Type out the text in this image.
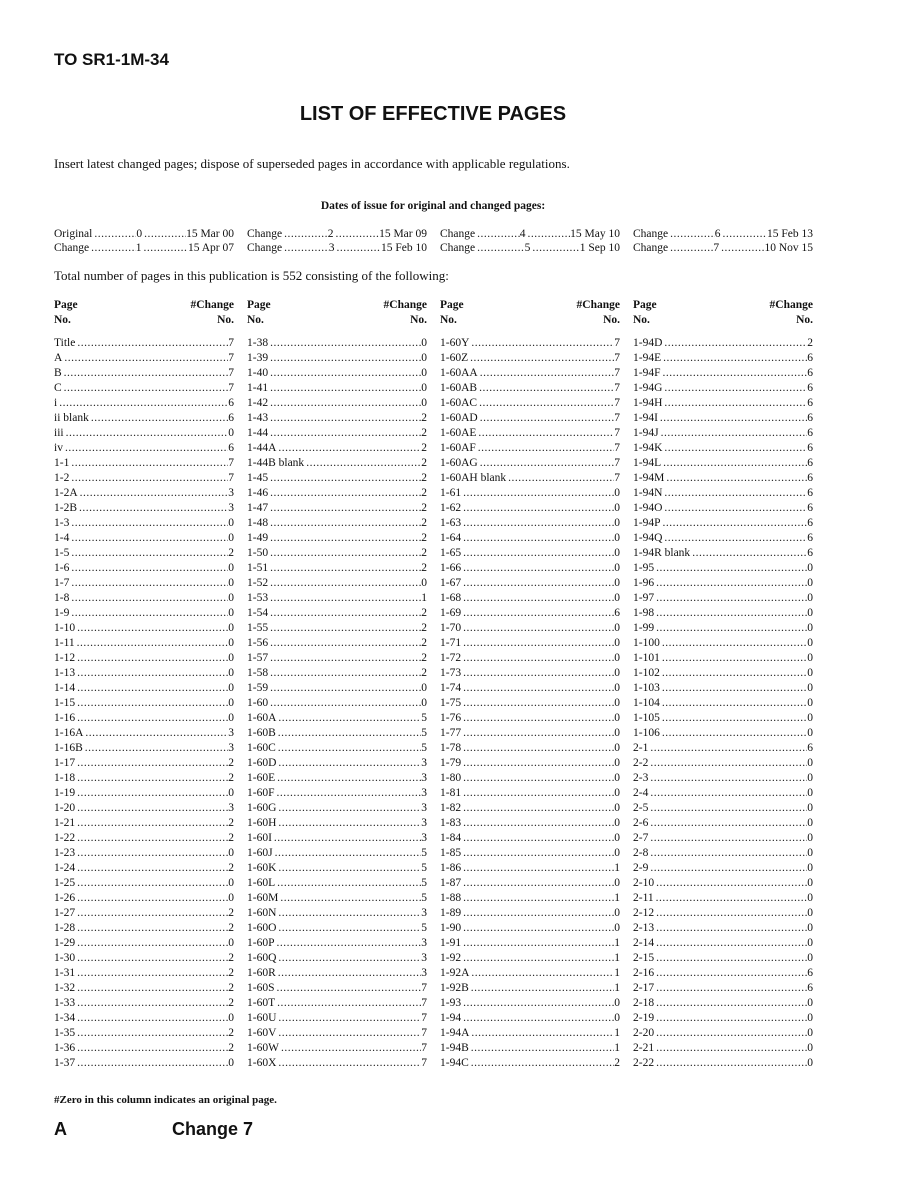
TO SR1-1M-34
LIST OF EFFECTIVE PAGES
Insert latest changed pages; dispose of superseded pages in accordance with applicable regulations.
Dates of issue for original and changed pages:
Original .....	0 .....	15 Mar 00 Change .....	2 .....	15 Mar 09 Change .....	4 .....	15 May 10 Change .....	6 .....	15 Feb 13
Change .....	1 .....	15 Apr 07 Change .....	3 .....	15 Feb 10 Change .....	5 .....	1 Sep 10 Change .....	7 .....	10 Nov 15
Total number of pages in this publication is 552 consisting of the following:
Page	#Change
No.	No.
Title .....	7
A .....	7
B .....	7
C .....	7
i .....	6
ii blank .....	6
iii .....	0
iv .....	6
1-1 .....	7
1-2 .....	7
1-2A .....	3
1-2B .....	3
1-3 .....	0
1-4 .....	0
1-5 .....	2
1-6 .....	0
1-7 .....	0
1-8 .....	0
1-9 .....	0
1-10 .....	0
1-11 .....	0
1-12 .....	0
1-13 .....	0
1-14 .....	0
1-15 .....	0
1-16 .....	0
1-16A .....	3
1-16B .....	3
1-17 .....	2
1-18 .....	2
1-19 .....	0
1-20 .....	3
1-21 .....	2
1-22 .....	2
1-23 .....	0
1-24 .....	2
1-25 .....	0
1-26 .....	0
1-27 .....	2
1-28 .....	2
1-29 .....	0
1-30 .....	2
1-31 .....	2
1-32 .....	2
1-33 .....	2
1-34 .....	0
1-35 .....	2
1-36 .....	2
1-37 .....	0
Page	#Change
No.	No.
1-38 .....	0
1-39 .....	0
1-40 .....	0
1-41 .....	0
1-42 .....	0
1-43 .....	2
1-44 .....	2
1-44A .....	2
1-44B blank .....	2
1-45 .....	2
1-46 .....	2
1-47 .....	2
1-48 .....	2
1-49 .....	2
1-50 .....	2
1-51 .....	2
1-52 .....	0
1-53 .....	1
1-54 .....	2
1-55 .....	2
1-56 .....	2
1-57 .....	2
1-58 .....	2
1-59 .....	0
1-60 .....	0
1-60A .....	5
1-60B .....	5
1-60C .....	5
1-60D .....	3
1-60E .....	3
1-60F .....	3
1-60G .....	3
1-60H .....	3
1-60I .....	3
1-60J .....	5
1-60K .....	5
1-60L .....	5
1-60M .....	5
1-60N .....	3
1-60O .....	5
1-60P .....	3
1-60Q .....	3
1-60R .....	3
1-60S .....	7
1-60T .....	7
1-60U .....	7
1-60V .....	7
1-60W .....	7
1-60X .....	7
Page	#Change
No.	No.
1-60Y .....	7
1-60Z .....	7
1-60AA .....	7
1-60AB .....	7
1-60AC .....	7
1-60AD .....	7
1-60AE .....	7
1-60AF .....	7
1-60AG .....	7
1-60AH blank .....	7
1-61 .....	0
1-62 .....	0
1-63 .....	0
1-64 .....	0
1-65 .....	0
1-66 .....	0
1-67 .....	0
1-68 .....	0
1-69 .....	6
1-70 .....	0
1-71 .....	0
1-72 .....	0
1-73 .....	0
1-74 .....	0
1-75 .....	0
1-76 .....	0
1-77 .....	0
1-78 .....	0
1-79 .....	0
1-80 .....	0
1-81 .....	0
1-82 .....	0
1-83 .....	0
1-84 .....	0
1-85 .....	0
1-86 .....	1
1-87 .....	0
1-88 .....	1
1-89 .....	0
1-90 .....	0
1-91 .....	1
1-92 .....	1
1-92A .....	1
1-92B .....	1
1-93 .....	0
1-94 .....	0
1-94A .....	1
1-94B .....	1
1-94C .....	2
Page	#Change
No.	No.
1-94D .....	2
1-94E .....	6
1-94F .....	6
1-94G .....	6
1-94H .....	6
1-94I .....	6
1-94J .....	6
1-94K .....	6
1-94L .....	6
1-94M .....	6
1-94N .....	6
1-94O .....	6
1-94P .....	6
1-94Q .....	6
1-94R blank .....	6
1-95 .....	0
1-96 .....	0
1-97 .....	0
1-98 .....	0
1-99 .....	0
1-100 .....	0
1-101 .....	0
1-102 .....	0
1-103 .....	0
1-104 .....	0
1-105 .....	0
1-106 .....	0
2-1 .....	6
2-2 .....	0
2-3 .....	0
2-4 .....	0
2-5 .....	0
2-6 .....	0
2-7 .....	0
2-8 .....	0
2-9 .....	0
2-10 .....	0
2-11 .....	0
2-12 .....	0
2-13 .....	0
2-14 .....	0
2-15 .....	0
2-16 .....	6
2-17 .....	6
2-18 .....	0
2-19 .....	0
2-20 .....	0
2-21 .....	0
2-22 .....	0
#Zero in this column indicates an original page.
A	Change 7
